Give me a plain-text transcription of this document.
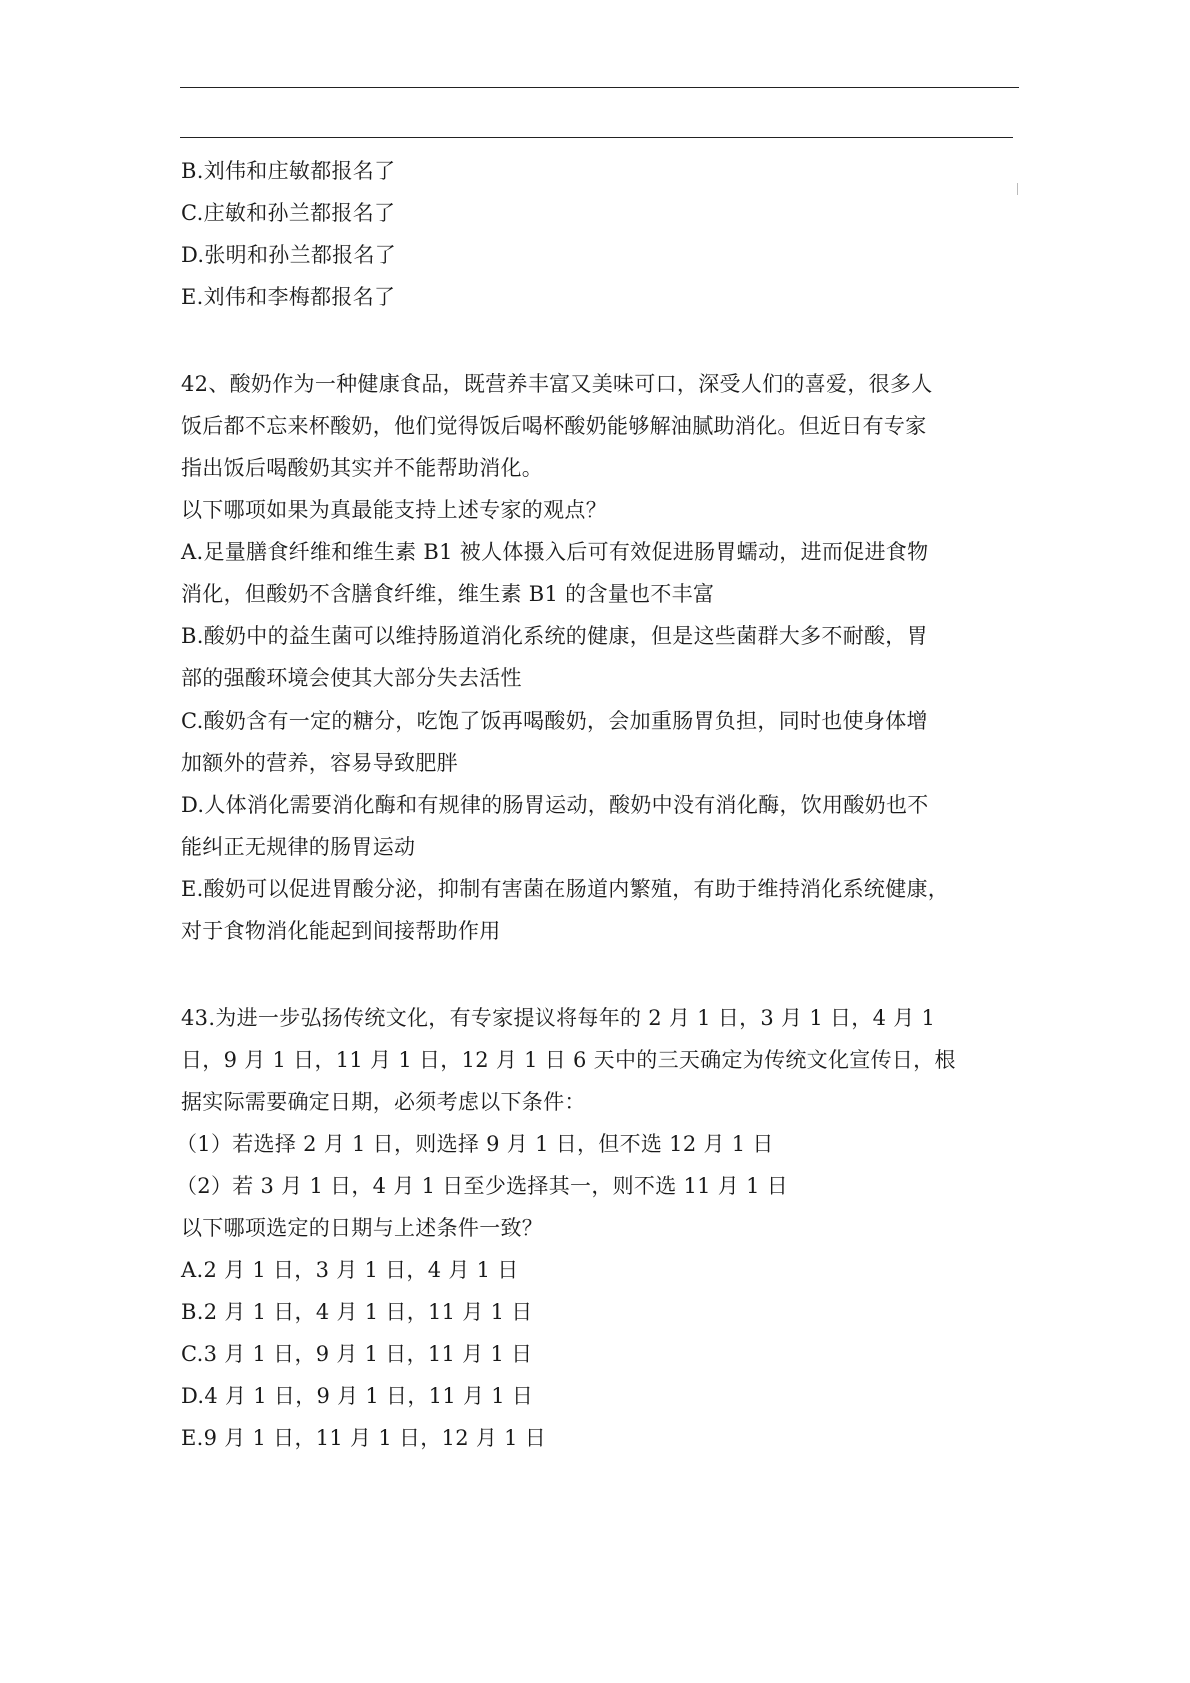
B.刘伟和庄敏都报名了
C.庄敏和孙兰都报名了
D.张明和孙兰都报名了
E.刘伟和李梅都报名了
42、酸奶作为一种健康食品，既营养丰富又美味可口，深受人们的喜爱，很多人
饭后都不忘来杯酸奶，他们觉得饭后喝杯酸奶能够解油腻助消化。但近日有专家
指出饭后喝酸奶其实并不能帮助消化。
以下哪项如果为真最能支持上述专家的观点？
A.足量膳食纤维和维生素 B1 被人体摄入后可有效促进肠胃蠕动，进而促进食物
消化，但酸奶不含膳食纤维，维生素 B1 的含量也不丰富
B.酸奶中的益生菌可以维持肠道消化系统的健康，但是这些菌群大多不耐酸，胃
部的强酸环境会使其大部分失去活性
C.酸奶含有一定的糖分，吃饱了饭再喝酸奶，会加重肠胃负担，同时也使身体增
加额外的营养，容易导致肥胖
D.人体消化需要消化酶和有规律的肠胃运动，酸奶中没有消化酶，饮用酸奶也不
能纠正无规律的肠胃运动
E.酸奶可以促进胃酸分泌，抑制有害菌在肠道内繁殖，有助于维持消化系统健康，
对于食物消化能起到间接帮助作用
43.为进一步弘扬传统文化，有专家提议将每年的 2 月 1 日，3 月 1 日，4 月 1
日，9 月 1 日，11 月 1 日，12 月 1 日 6 天中的三天确定为传统文化宣传日，根
据实际需要确定日期，必须考虑以下条件：
（1）若选择 2 月 1 日，则选择 9 月 1 日，但不选 12 月 1 日
（2）若 3 月 1 日，4 月 1 日至少选择其一，则不选 11 月 1 日
以下哪项选定的日期与上述条件一致？
A.2 月 1 日，3 月 1 日，4 月 1 日
B.2 月 1 日，4 月 1 日，11 月 1 日
C.3 月 1 日，9 月 1 日，11 月 1 日
D.4 月 1 日，9 月 1 日，11 月 1 日
E.9 月 1 日，11 月 1 日，12 月 1 日
